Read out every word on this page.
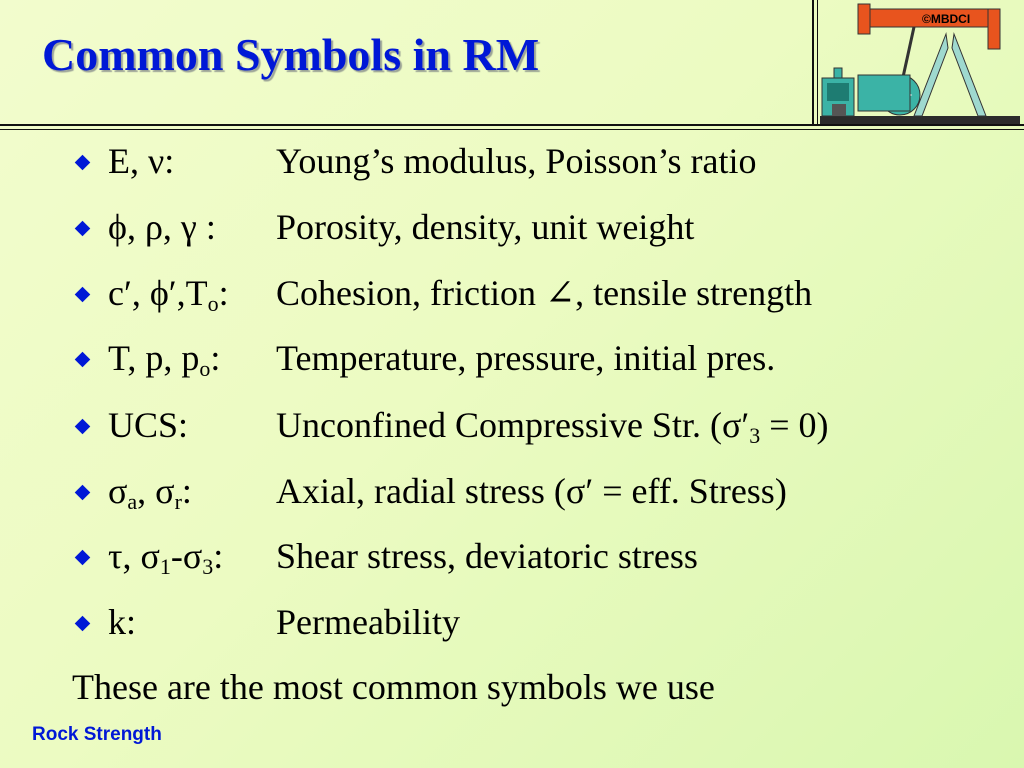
Common Symbols in RM
©MBDCI
E, ν:	Young’s modulus, Poisson’s ratio
ϕ, ρ, γ : Porosity, density, unit weight
c′, $\phi',T_o$: Cohesion, friction ∠, tensile strength
T, p, $p_o$: Temperature, pressure, initial pres.
UCS: Unconfined Compressive Str. $(\sigma'_3 = 0)$
$\sigma_a$, $\sigma_r$: Axial, radial stress (σ′ = eff. Stress)
τ, $\sigma_1-\sigma_3$: Shear stress, deviatoric stress
k:	Permeability
These are the most common symbols we use
Rock Strength
